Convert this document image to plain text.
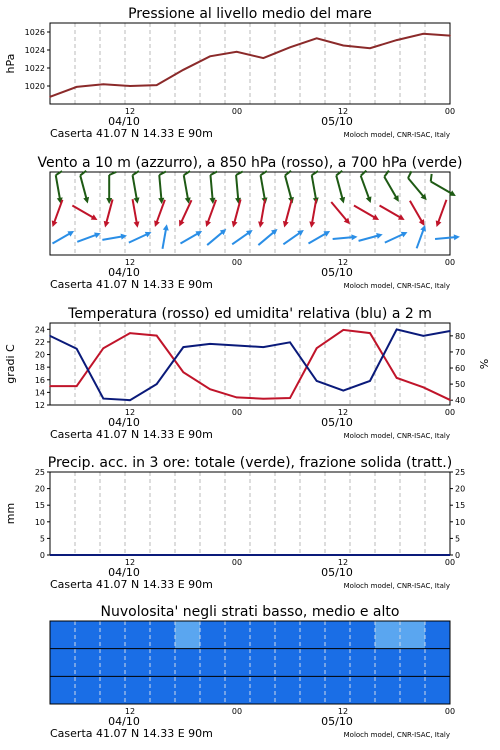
Pressione al livello medio del mare
12	00	12	00
04/10	05/10
Caserta 41.07 N 14.33 E 90m	Moloch model, CNR-ISAC, Italy
1020
1022
1024
1026
hPa
Vento a 10 m (azzurro), a 850 hPa (rosso), a 700 hPa (verde)
12	00	12	00
04/10	05/10
Caserta 41.07 N 14.33 E 90m	Moloch model, CNR-ISAC, Italy
Temperatura (rosso) ed umidita' relativa (blu) a 2 m
12	00	12	00
04/10	05/10
Caserta 41.07 N 14.33 E 90m	Moloch model, CNR-ISAC, Italy
12
14
16
18
20
22
24
40
50
60
70
80
gradi C	%
Precip. acc. in 3 ore: totale (verde), frazione solida (tratt.)
12	00	12	00
04/10	05/10
Caserta 41.07 N 14.33 E 90m	Moloch model, CNR-ISAC, Italy
0	0
5	5
10	10
15	15
20	20
25	25
mm
Nuvolosita' negli strati basso, medio e alto
12	00	12	00
04/10	05/10
Caserta 41.07 N 14.33 E 90m	Moloch model, CNR-ISAC, Italy
